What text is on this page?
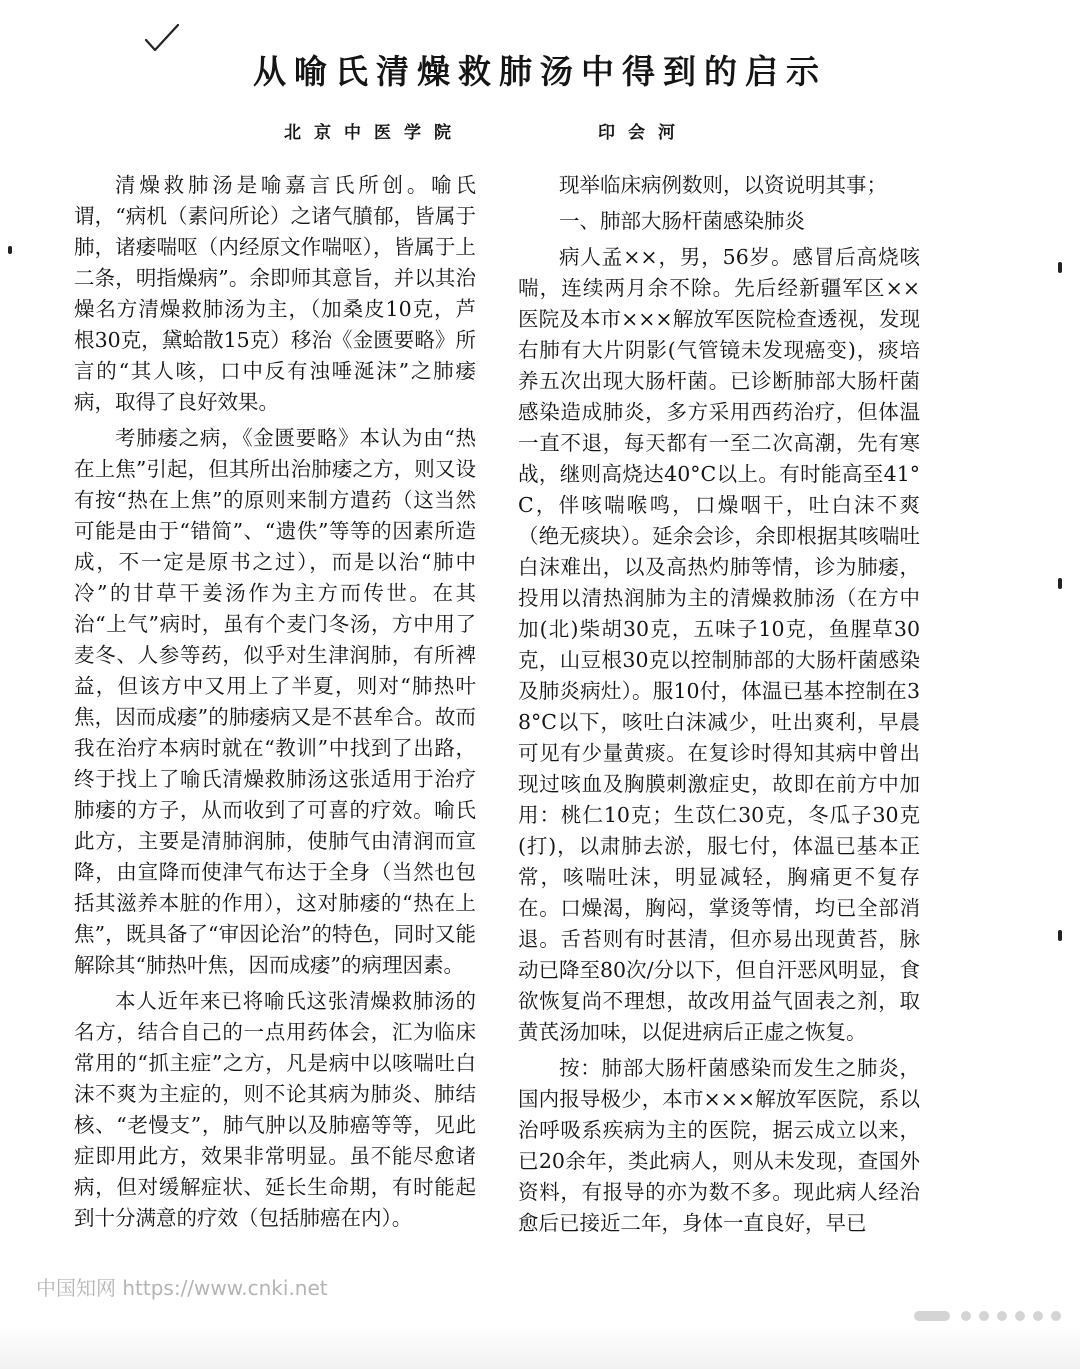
从喻氏清燥救肺汤中得到的启示
北京中医学院	印会河

清燥救肺汤是喻嘉言氏所创。喻氏谓，“病机（素问所论）之诸气膹郁，皆属于肺，诸痿喘呕（内经原文作喘呕），皆属于上二条，明指燥病”。余即师其意旨，并以其治燥名方清燥救肺汤为主，（加桑皮10克，芦根30克，黛蛤散15克）移治《金匮要略》所言的“其人咳，口中反有浊唾涎沫”之肺痿病，取得了良好效果。

考肺痿之病，《金匮要略》本认为由“热在上焦”引起，但其所出治肺痿之方，则又设有按“热在上焦”的原则来制方遣药（这当然可能是由于“错简”、“遗佚”等等的因素所造成，不一定是原书之过），而是以治“肺中冷”的甘草干姜汤作为主方而传世。在其治“上气”病时，虽有个麦门冬汤，方中用了麦冬、人参等药，似乎对生津润肺，有所裨益，但该方中又用上了半夏，则对“肺热叶焦，因而成痿”的肺痿病又是不甚牟合。故而我在治疗本病时就在“教训”中找到了出路，终于找上了喻氏清燥救肺汤这张适用于治疗肺痿的方子，从而收到了可喜的疗效。喻氏此方，主要是清肺润肺，使肺气由清润而宣降，由宣降而使津气布达于全身（当然也包括其滋养本脏的作用），这对肺痿的“热在上焦”，既具备了“审因论治”的特色，同时又能解除其“肺热叶焦，因而成痿”的病理因素。

本人近年来已将喻氏这张清燥救肺汤的名方，结合自己的一点用药体会，汇为临床常用的“抓主症”之方，凡是病中以咳喘吐白沫不爽为主症的，则不论其病为肺炎、肺结核、“老慢支”，肺气肿以及肺癌等等，见此症即用此方，效果非常明显。虽不能尽愈诸病，但对缓解症状、延长生命期，有时能起到十分满意的疗效（包括肺癌在内）。

现举临床病例数则，以资说明其事；

一、肺部大肠杆菌感染肺炎

病人孟××，男，56岁。感冒后高烧咳喘，连续两月余不除。先后经新疆军区××医院及本市×××解放军医院检查透视，发现右肺有大片阴影(气管镜未发现癌变)，痰培养五次出现大肠杆菌。已诊断肺部大肠杆菌感染造成肺炎，多方采用西药治疗，但体温一直不退，每天都有一至二次高潮，先有寒战，继则高烧达40°C以上。有时能高至41°C，伴咳喘喉鸣，口燥咽干，吐白沫不爽（绝无痰块）。延余会诊，余即根据其咳喘吐白沫难出，以及高热灼肺等情，诊为肺痿，投用以清热润肺为主的清燥救肺汤（在方中加(北)柴胡30克，五味子10克，鱼腥草30克，山豆根30克以控制肺部的大肠杆菌感染及肺炎病灶）。服10付，体温已基本控制在38°C以下，咳吐白沫减少，吐出爽利，早晨可见有少量黄痰。在复诊时得知其病中曾出现过咳血及胸膜刺激症史，故即在前方中加用：桃仁10克；生苡仁30克，冬瓜子30克(打)，以肃肺去淤，服七付，体温已基本正常，咳喘吐沫，明显减轻，胸痛更不复存在。口燥渴，胸闷，掌烫等情，均已全部消退。舌苔则有时甚清，但亦易出现黄苔，脉动已降至80次/分以下，但自汗恶风明显，食欲恢复尚不理想，故改用益气固表之剂，取黄芪汤加味，以促进病后正虚之恢复。

按：肺部大肠杆菌感染而发生之肺炎，国内报导极少，本市×××解放军医院，系以治呼吸系疾病为主的医院，据云成立以来，已20余年，类此病人，则从未发现，查国外资料，有报导的亦为数不多。现此病人经治愈后已接近二年，身体一直良好，早已

中国知网 https://www.cnki.net
